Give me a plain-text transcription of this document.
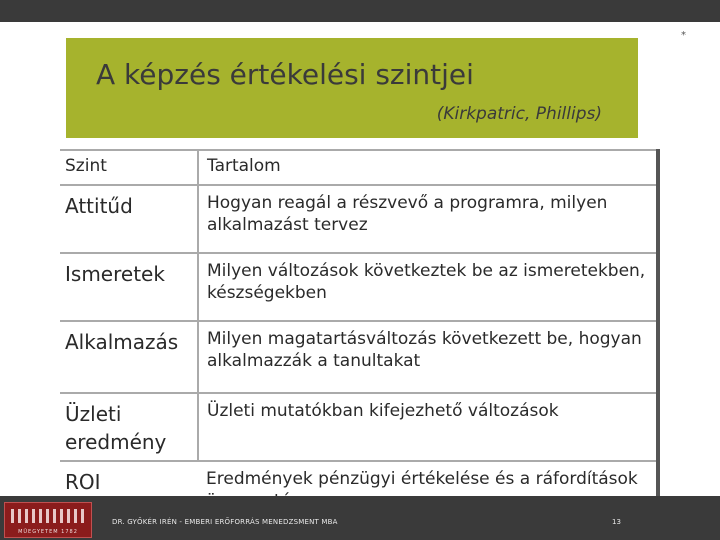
*
A képzés értékelési szintjei
(Kirkpatric, Phillips)
Szint	Tartalom
Attitűd	Hogyan reagál a részvevő a programra, milyen alkalmazást tervez
Ismeretek	Milyen változások következtek be az ismeretekben, készségekben
Alkalmazás	Milyen magatartásváltozás következett be, hogyan alkalmazzák a tanultakat
Üzleti eredmény	Üzleti mutatókban kifejezhető változások
ROI	Eredmények pénzügyi értékelése és a ráfordítások
MŰEGYETEM 1782
DR. GYŐKÉR IRÉN - EMBERI ERŐFORRÁS MENEDZSMENT MBA	13
